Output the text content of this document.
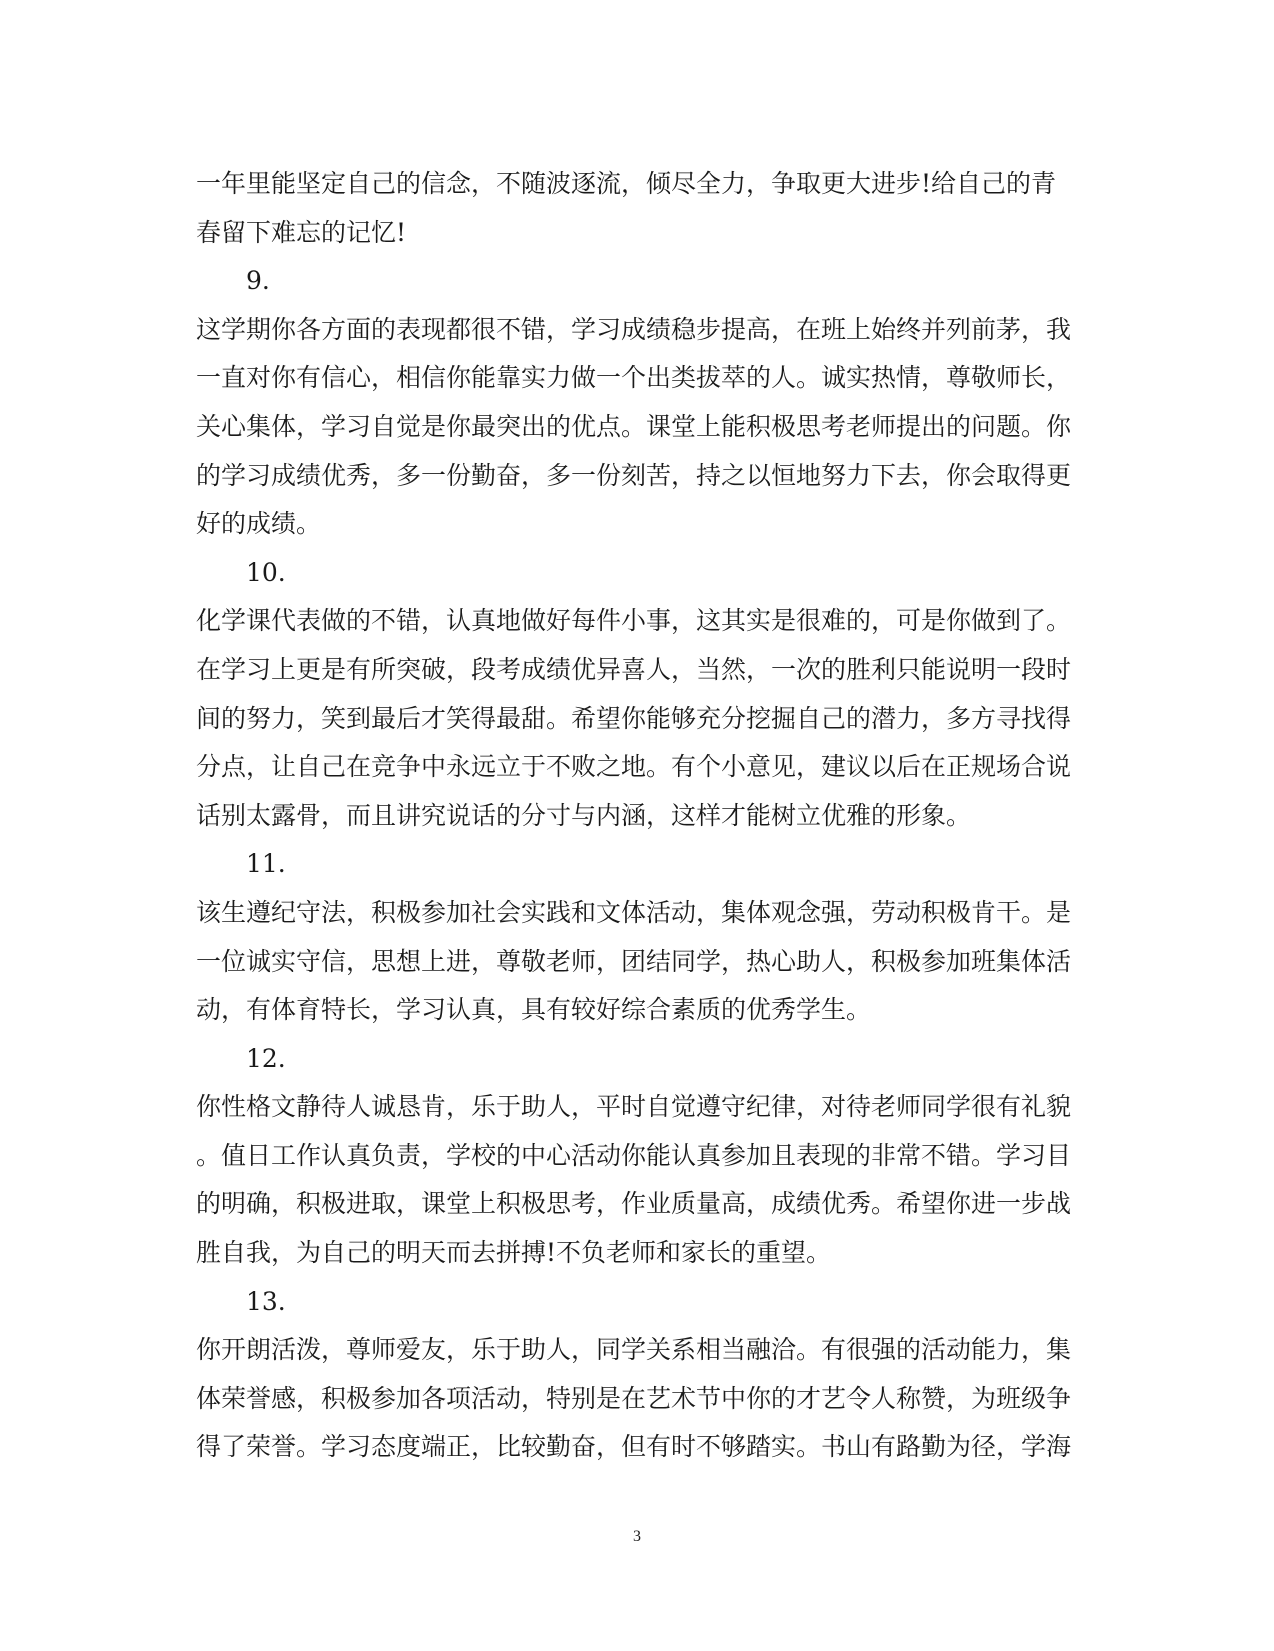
一年里能坚定自己的信念，不随波逐流，倾尽全力，争取更大进步!给自己的青
春留下难忘的记忆!
9.
这学期你各方面的表现都很不错，学习成绩稳步提高，在班上始终并列前茅，我
一直对你有信心，相信你能靠实力做一个出类拔萃的人。诚实热情，尊敬师长，
关心集体，学习自觉是你最突出的优点。课堂上能积极思考老师提出的问题。你
的学习成绩优秀，多一份勤奋，多一份刻苦，持之以恒地努力下去，你会取得更
好的成绩。
10.
化学课代表做的不错，认真地做好每件小事，这其实是很难的，可是你做到了。
在学习上更是有所突破，段考成绩优异喜人，当然，一次的胜利只能说明一段时
间的努力，笑到最后才笑得最甜。希望你能够充分挖掘自己的潜力，多方寻找得
分点，让自己在竞争中永远立于不败之地。有个小意见，建议以后在正规场合说
话别太露骨，而且讲究说话的分寸与内涵，这样才能树立优雅的形象。
11.
该生遵纪守法，积极参加社会实践和文体活动，集体观念强，劳动积极肯干。是
一位诚实守信，思想上进，尊敬老师，团结同学，热心助人，积极参加班集体活
动，有体育特长，学习认真，具有较好综合素质的优秀学生。
12.
你性格文静待人诚恳肯，乐于助人，平时自觉遵守纪律，对待老师同学很有礼貌
。值日工作认真负责，学校的中心活动你能认真参加且表现的非常不错。学习目
的明确，积极进取，课堂上积极思考，作业质量高，成绩优秀。希望你进一步战
胜自我，为自己的明天而去拼搏!不负老师和家长的重望。
13.
你开朗活泼，尊师爱友，乐于助人，同学关系相当融洽。有很强的活动能力，集
体荣誉感，积极参加各项活动，特别是在艺术节中你的才艺令人称赞，为班级争
得了荣誉。学习态度端正，比较勤奋，但有时不够踏实。书山有路勤为径，学海
3
